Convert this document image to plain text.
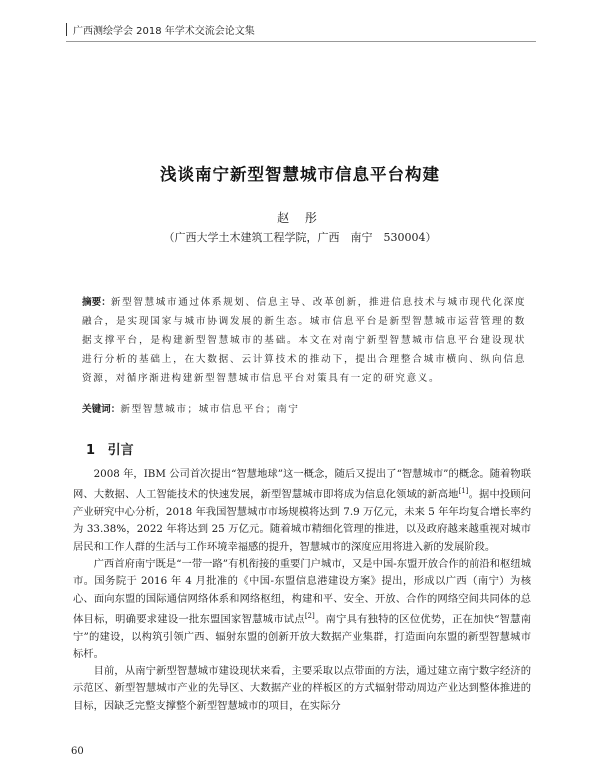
广西测绘学会 2018 年学术交流会论文集
浅谈南宁新型智慧城市信息平台构建
赵 彤
（广西大学土木建筑工程学院，广西　南宁　530004）
摘要：新型智慧城市通过体系规划、信息主导、改革创新，推进信息技术与城市现代化深度融合，是实现国家与城市协调发展的新生态。城市信息平台是新型智慧城市运营管理的数据支撑平台，是构建新型智慧城市的基础。本文在对南宁新型智慧城市信息平台建设现状进行分析的基础上，在大数据、云计算技术的推动下，提出合理整合城市横向、纵向信息资源，对循序渐进构建新型智慧城市信息平台对策具有一定的研究意义。
关键词：新型智慧城市；城市信息平台；南宁
1 引言

2008 年，IBM 公司首次提出“智慧地球”这一概念，随后又提出了“智慧城市”的概念。随着物联网、大数据、人工智能技术的快速发展，新型智慧城市即将成为信息化领域的新高地[1]。据中投顾问产业研究中心分析，2018 年我国智慧城市市场规模将达到 7.9 万亿元，未来 5 年年均复合增长率约为 33.38%，2022 年将达到 25 万亿元。随着城市精细化管理的推进，以及政府越来越重视对城市居民和工作人群的生活与工作环境幸福感的提升，智慧城市的深度应用将进入新的发展阶段。

广西首府南宁既是“一带一路”有机衔接的重要门户城市，又是中国-东盟开放合作的前沿和枢纽城市。国务院于 2016 年 4 月批准的《中国-东盟信息港建设方案》提出，形成以广西（南宁）为核心、面向东盟的国际通信网络体系和网络枢纽，构建和平、安全、开放、合作的网络空间共同体的总体目标，明确要求建设一批东盟国家智慧城市试点[2]。南宁具有独特的区位优势，正在加快“智慧南宁”的建设，以构筑引领广西、辐射东盟的创新开放大数据产业集群，打造面向东盟的新型智慧城市标杆。

目前，从南宁新型智慧城市建设现状来看，主要采取以点带面的方法，通过建立南宁数字经济的示范区、新型智慧城市产业的先导区、大数据产业的样板区的方式辐射带动周边产业达到整体推进的目标，因缺乏完整支撑整个新型智慧城市的项目，在实际分

60
